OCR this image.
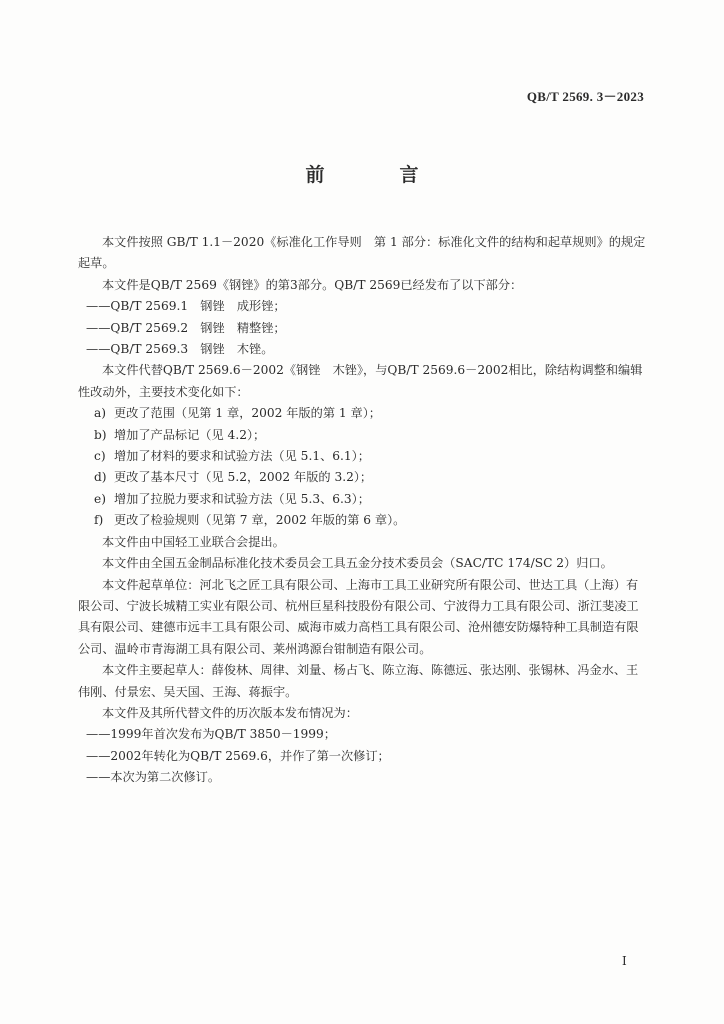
QB/T 2569. 3－2023
前　言

本文件按照 GB/T 1.1－2020《标准化工作导则　第 1 部分：标准化文件的结构和起草规则》的规定起草。

本文件是QB/T 2569《钢锉》的第3部分。QB/T 2569已经发布了以下部分：

——QB/T 2569.1　钢锉　成形锉；

——QB/T 2569.2　钢锉　精整锉；

——QB/T 2569.3　钢锉　木锉。

本文件代替QB/T 2569.6－2002《钢锉　木锉》，与QB/T 2569.6－2002相比，除结构调整和编辑性改动外，主要技术变化如下：

a) 更改了范围（见第 1 章，2002 年版的第 1 章）；

b) 增加了产品标记（见 4.2）；

c) 增加了材料的要求和试验方法（见 5.1、6.1）；

d) 更改了基本尺寸（见 5.2，2002 年版的 3.2）；

e) 增加了拉脱力要求和试验方法（见 5.3、6.3）；

f) 更改了检验规则（见第 7 章，2002 年版的第 6 章）。

本文件由中国轻工业联合会提出。

本文件由全国五金制品标准化技术委员会工具五金分技术委员会（SAC/TC 174/SC 2）归口。

本文件起草单位：河北飞之匠工具有限公司、上海市工具工业研究所有限公司、世达工具（上海）有限公司、宁波长城精工实业有限公司、杭州巨星科技股份有限公司、宁波得力工具有限公司、浙江斐凌工具有限公司、建德市远丰工具有限公司、威海市威力高档工具有限公司、沧州德安防爆特种工具制造有限公司、温岭市青海湖工具有限公司、莱州鸿源台钳制造有限公司。

本文件主要起草人：薛俊林、周律、刘量、杨占飞、陈立海、陈德远、张达刚、张锡林、冯金水、王伟刚、付景宏、吴天国、王海、蒋振宇。

本文件及其所代替文件的历次版本发布情况为：

——1999年首次发布为QB/T 3850－1999；

——2002年转化为QB/T 2569.6，并作了第一次修订；

——本次为第二次修订。

I
